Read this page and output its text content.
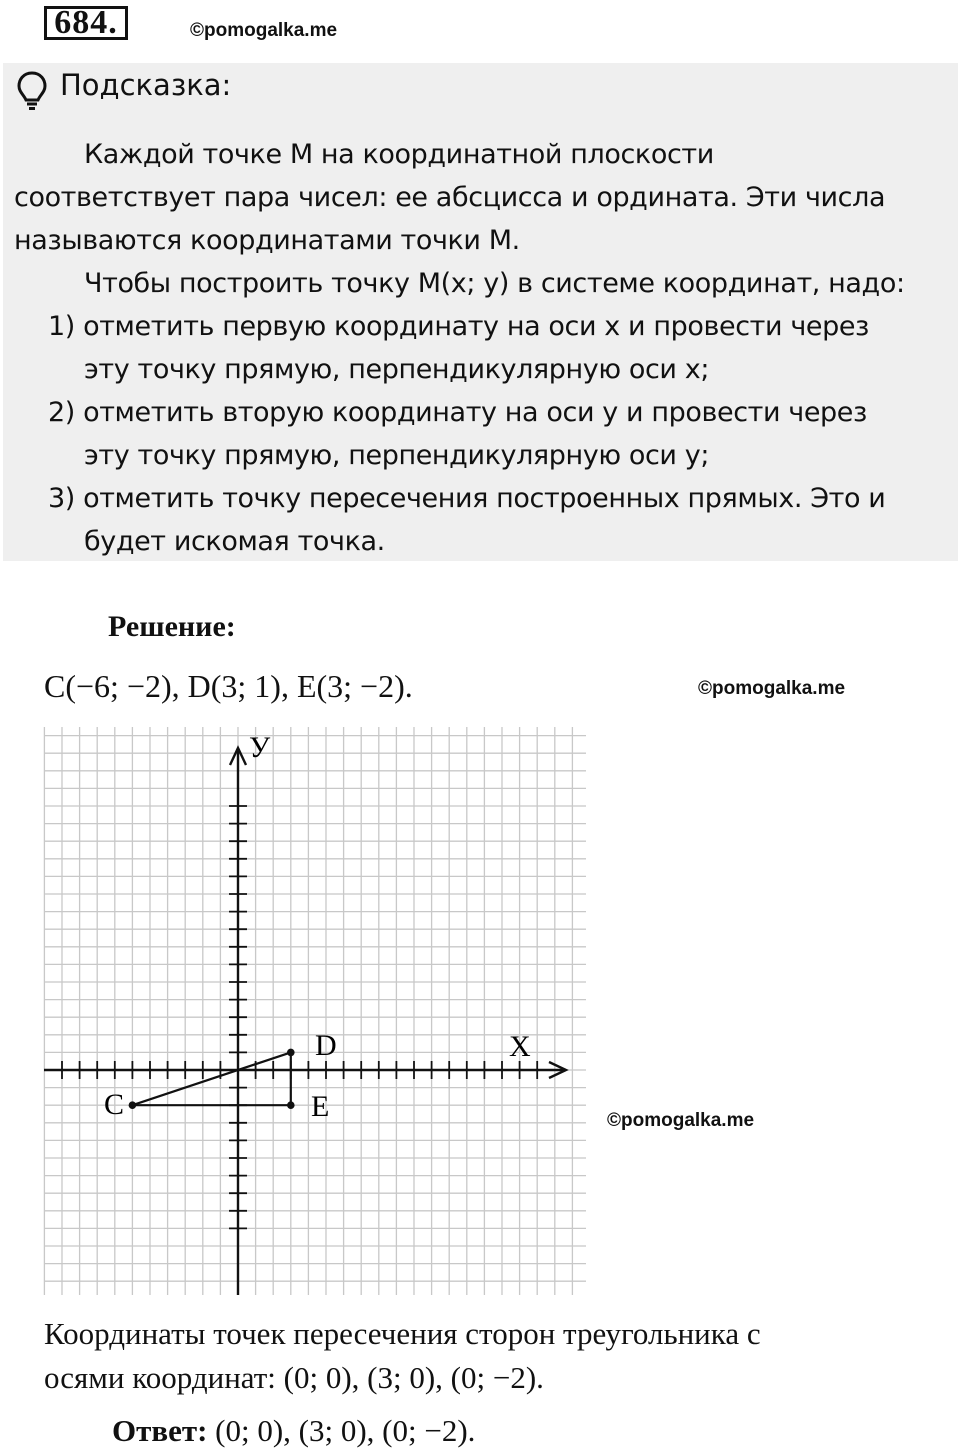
684.	©pomogalka.me
Подсказка:
Каждой точке М на координатной плоскости
соответствует пара чисел: ее абсцисса и ордината. Эти числа
называются координатами точки М.
Чтобы построить точку М(x; y) в системе координат, надо:
1) отметить первую координату на оси x и провести через
эту точку прямую, перпендикулярную оси x;
2) отметить вторую координату на оси y и провести через
эту точку прямую, перпендикулярную оси y;
3) отметить точку пересечения построенных прямых. Это и
будет искомая точка.
Решение:
C(−6; −2), D(3; 1), E(3; −2).	©pomogalka.me
©pomogalka.me
У
X
C
D
E
Координаты точек пересечения сторон треугольника с
осями координат: (0; 0), (3; 0), (0; −2).
Ответ: (0; 0), (3; 0), (0; −2).
